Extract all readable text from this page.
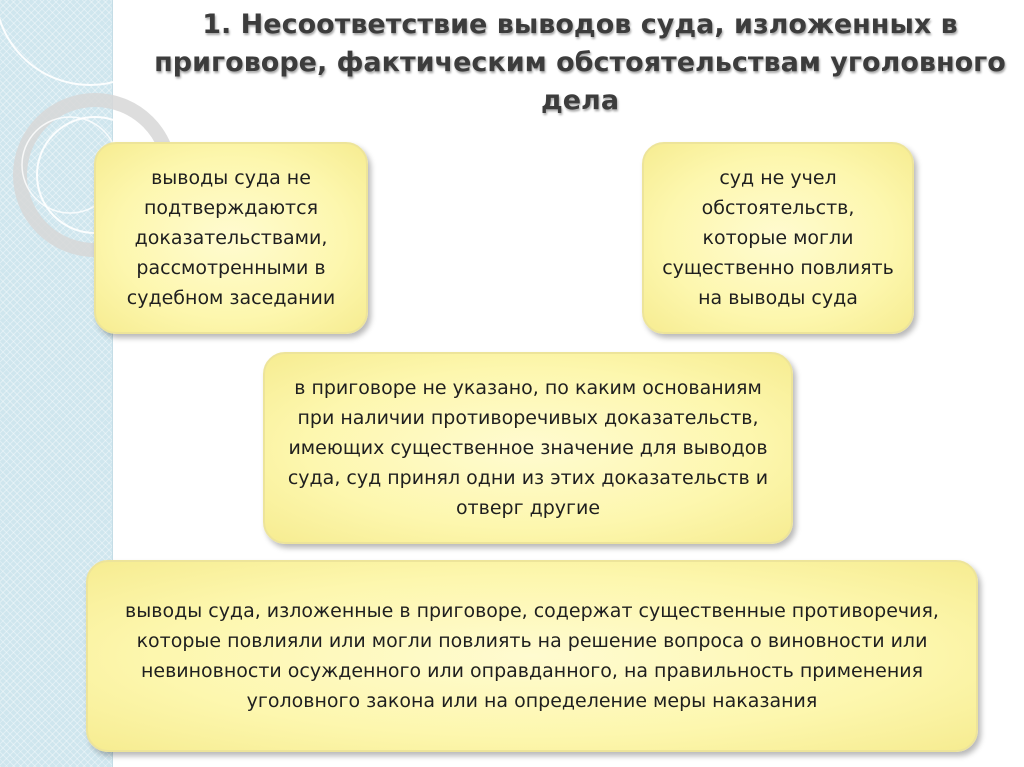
1. Несоответствие выводов суда, изложенных в приговоре, фактическим обстоятельствам уголовного дела
выводы суда не подтверждаются доказательствами, рассмотренными в судебном заседании
суд не учел обстоятельств, которые могли существенно повлиять на выводы суда
в приговоре не указано, по каким основаниям при наличии противоречивых доказательств, имеющих существенное значение для выводов суда, суд принял одни из этих доказательств и отверг другие
выводы суда, изложенные в приговоре, содержат существенные противоречия, которые повлияли или могли повлиять на решение вопроса о виновности или невиновности осужденного или оправданного, на правильность применения уголовного закона или на определение меры наказания
